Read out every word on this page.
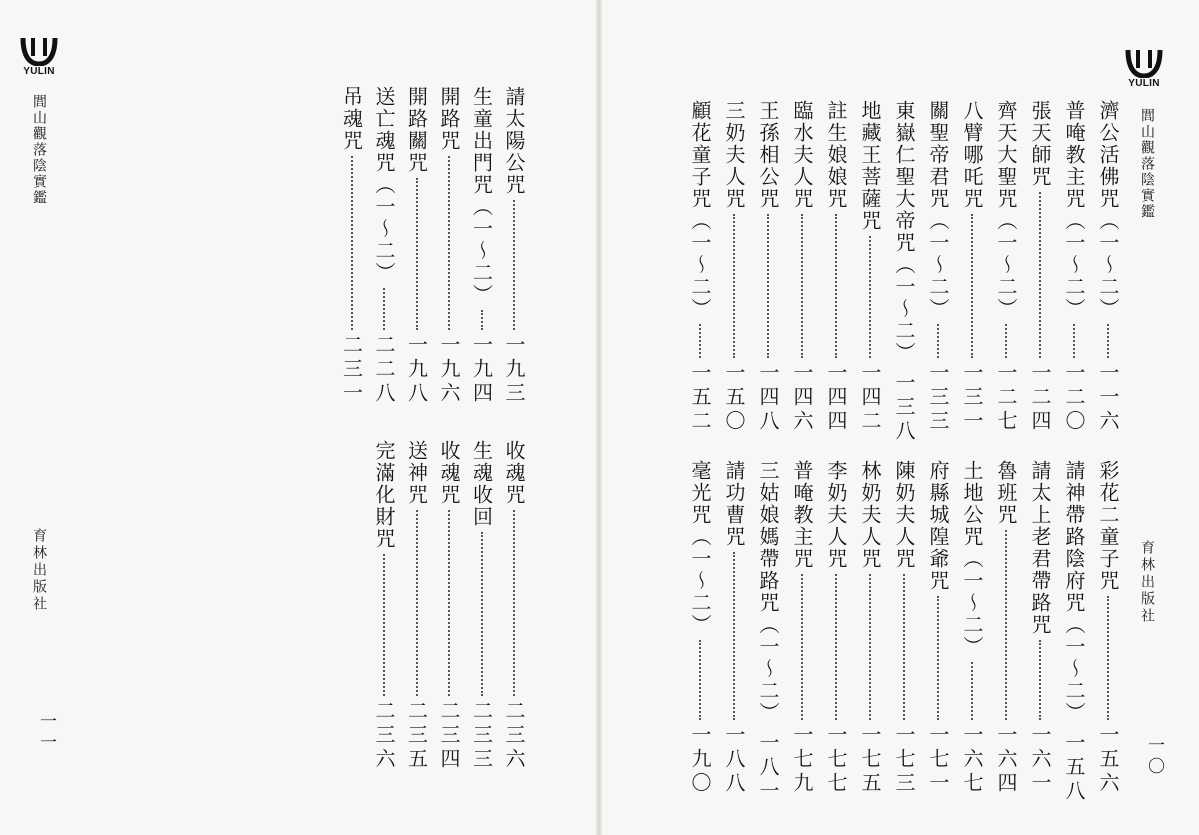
YULIN
閭山觀落陰實鑑
育林出版社
一一
請太陽公咒
一九三
生童出門咒（一～二）
一九四
開路咒
一九六
開路關咒
一九八
送亡魂咒（一～二）
二二八
吊魂咒
二三一
收魂咒
二三六
生魂收回
二三三
收魂咒
二三四
送神咒
二三五
完滿化財咒
二三六
YULIN
閭山觀落陰實鑑
育林出版社
一〇
濟公活佛咒（一～二）
一一六
普唵教主咒（一～二）
一二〇
張天師咒
一二四
齊天大聖咒（一～二）
一二七
八臂哪吒咒
一三一
關聖帝君咒（一～二）
一三三
東嶽仁聖大帝咒（一～二）
一三八
地藏王菩薩咒
一四二
註生娘娘咒
一四四
臨水夫人咒
一四六
王孫相公咒
一四八
三奶夫人咒
一五〇
顧花童子咒（一～二）
一五二
彩花二童子咒
一五六
請神帶路陰府咒（一～二）
一五八
請太上老君帶路咒
一六一
魯班咒
一六四
土地公咒（一～二）
一六七
府縣城隍爺咒
一七一
陳奶夫人咒
一七三
林奶夫人咒
一七五
李奶夫人咒
一七七
普唵教主咒
一七九
三姑娘媽帶路咒（一～二）
一八一
請功曹咒
一八八
毫光咒（一～二）
一九〇
